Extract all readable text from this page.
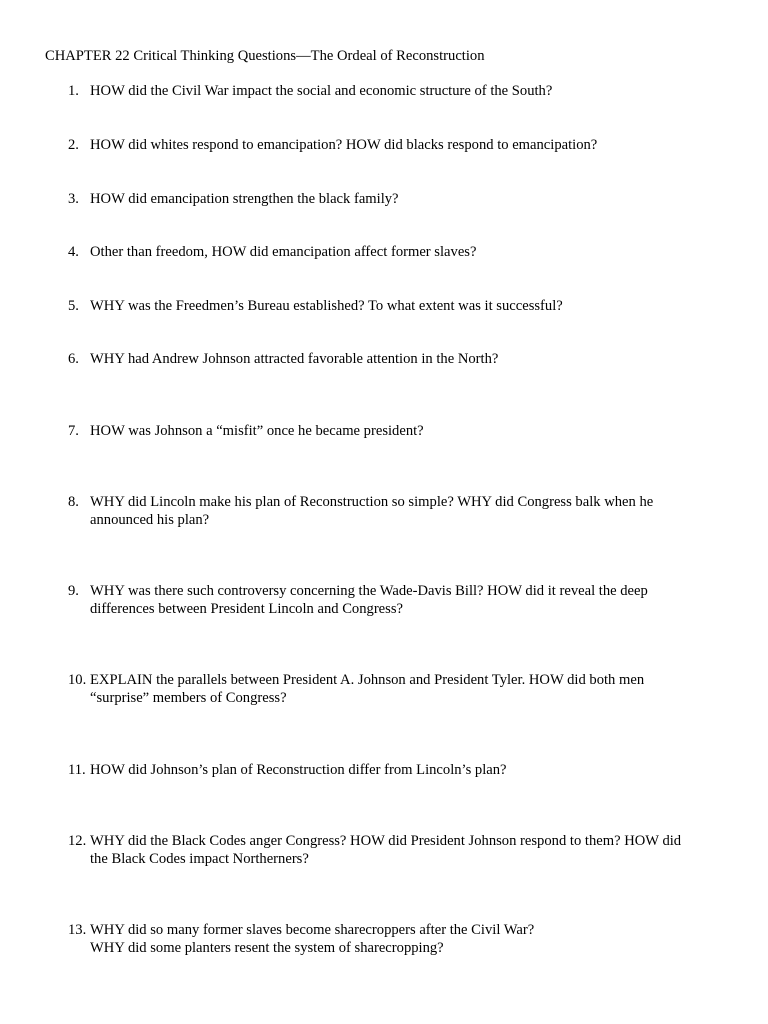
CHAPTER 22 Critical Thinking Questions—The Ordeal of Reconstruction
1. HOW did the Civil War impact the social and economic structure of the South?
2. HOW did whites respond to emancipation? HOW did blacks respond to emancipation?
3. HOW did emancipation strengthen the black family?
4. Other than freedom, HOW did emancipation affect former slaves?
5. WHY was the Freedmen’s Bureau established? To what extent was it successful?
6. WHY had Andrew Johnson attracted favorable attention in the North?
7. HOW was Johnson a “misfit” once he became president?
8. WHY did Lincoln make his plan of Reconstruction so simple? WHY did Congress balk when he
announced his plan?
9. WHY was there such controversy concerning the Wade-Davis Bill? HOW did it reveal the deep
differences between President Lincoln and Congress?
10. EXPLAIN the parallels between President A. Johnson and President Tyler. HOW did both men
“surprise” members of Congress?
11. HOW did Johnson’s plan of Reconstruction differ from Lincoln’s plan?
12. WHY did the Black Codes anger Congress? HOW did President Johnson respond to them? HOW did
the Black Codes impact Northerners?
13. WHY did so many former slaves become sharecroppers after the Civil War?
WHY did some planters resent the system of sharecropping?
